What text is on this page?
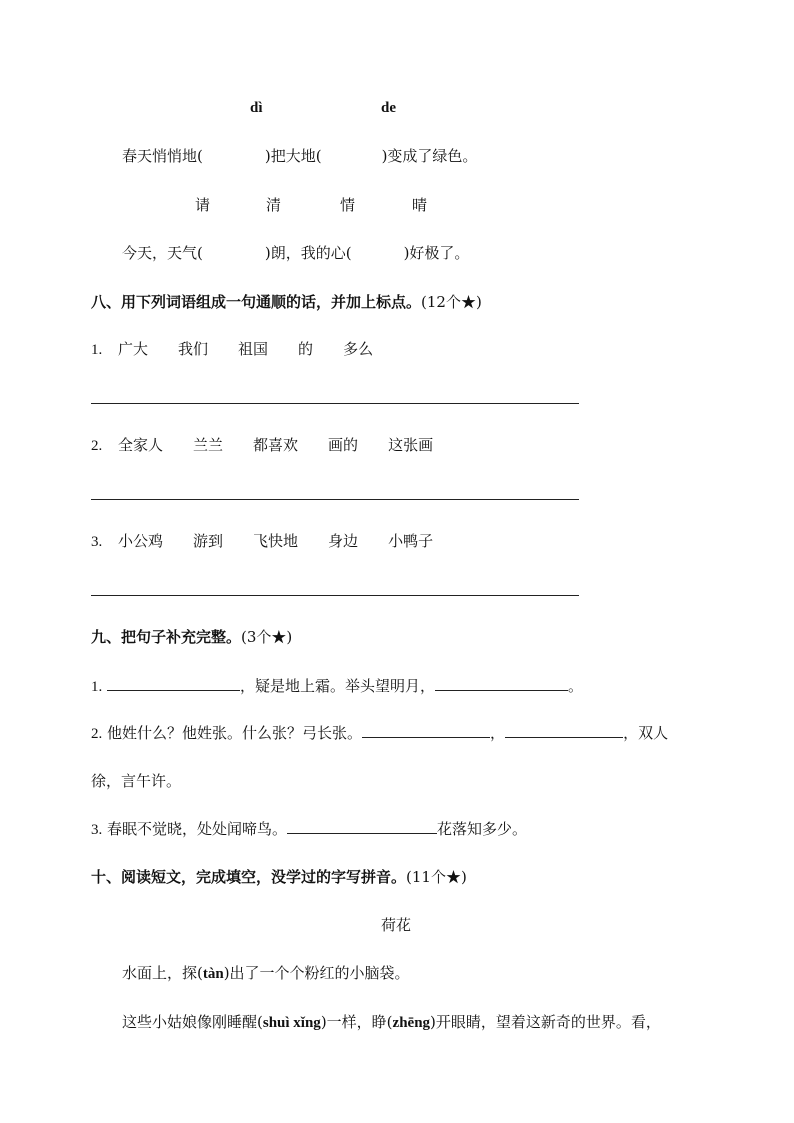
dì	de
春天悄悄地(	)把大地(	)变成了绿色。
请	清	情	晴
今天，天气(	)朗，我的心(	)好极了。
八、用下列词语组成一句通顺的话，并加上标点。(12个★)
1. 广大 我们 祖国 的 多么
2. 全家人 兰兰 都喜欢 画的 这张画
3. 小公鸡 游到 飞快地 身边 小鸭子
九、把句子补充完整。(3个★)
1.	，疑是地上霜。举头望明月，	。
2. 他姓什么？他姓张。什么张？弓长张。	，	，双人
徐，言午许。
3. 春眠不觉晓，处处闻啼鸟。	花落知多少。
十、阅读短文，完成填空，没学过的字写拼音。(11个★)
荷花
水面上，探(tàn)出了一个个粉红的小脑袋。
这些小姑娘像刚睡醒(shuì xǐng)一样，睁(zhēng)开眼睛，望着这新奇的世界。看，
